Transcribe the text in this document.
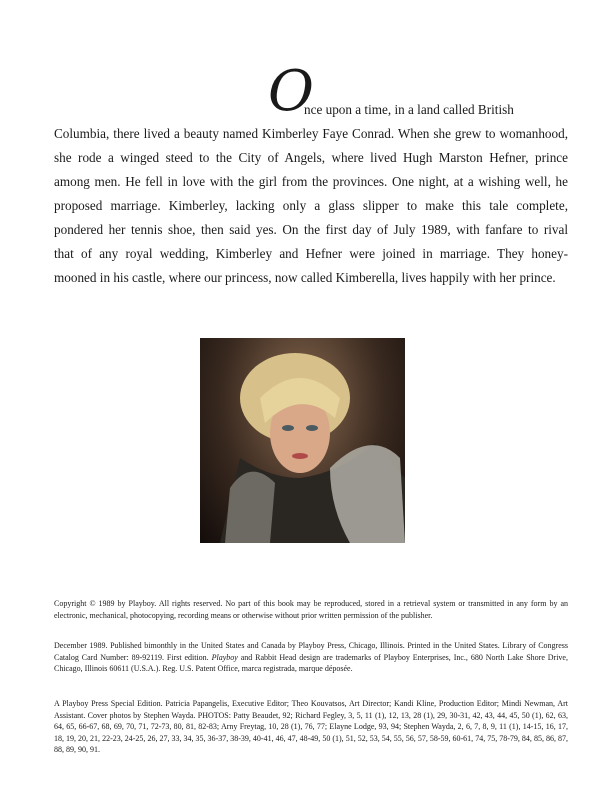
O
nce upon a time, in a land called British
Columbia, there lived a beauty named Kimberley Faye Conrad. When she grew to womanhood,
she rode a winged steed to the City of Angels, where lived Hugh Marston Hefner, prince
among men. He fell in love with the girl from the provinces. One night, at a wishing well, he
proposed marriage. Kimberley, lacking only a glass slipper to make this tale complete,
pondered her tennis shoe, then said yes. On the first day of July 1989, with fanfare to rival
that of any royal wedding, Kimberley and Hefner were joined in marriage. They honey-
mooned in his castle, where our princess, now called Kimberella, lives happily with her prince.
Copyright © 1989 by Playboy. All rights reserved. No part of this book may be reproduced, stored in a retrieval system or transmitted in any form by an electronic, mechanical, photocopying, recording means or otherwise without prior written permission of the publisher.
December 1989. Published bimonthly in the United States and Canada by Playboy Press, Chicago, Illinois. Printed in the United States. Library of Congress Catalog Card Number: 89-92119. First edition. Playboy and Rabbit Head design are trademarks of Playboy Enterprises, Inc., 680 North Lake Shore Drive, Chicago, Illinois 60611 (U.S.A.). Reg. U.S. Patent Office, marca registrada, marque déposée.
A Playboy Press Special Edition. Patricia Papangelis, Executive Editor; Theo Kouvatsos, Art Director; Kandi Kline, Production Editor; Mindi Newman, Art Assistant. Cover photos by Stephen Wayda. PHOTOS: Patty Beaudet, 92; Richard Fegley, 3, 5, 11 (1), 12, 13, 28 (1), 29, 30-31, 42, 43, 44, 45, 50 (1), 62, 63, 64, 65, 66-67, 68, 69, 70, 71, 72-73, 80, 81, 82-83; Arny Freytag, 10, 28 (1), 76, 77; Elayne Lodge, 93, 94; Stephen Wayda, 2, 6, 7, 8, 9, 11 (1), 14-15, 16, 17, 18, 19, 20, 21, 22-23, 24-25, 26, 27, 33, 34, 35, 36-37, 38-39, 40-41, 46, 47, 48-49, 50 (1), 51, 52, 53, 54, 55, 56, 57, 58-59, 60-61, 74, 75, 78-79, 84, 85, 86, 87, 88, 89, 90, 91.
